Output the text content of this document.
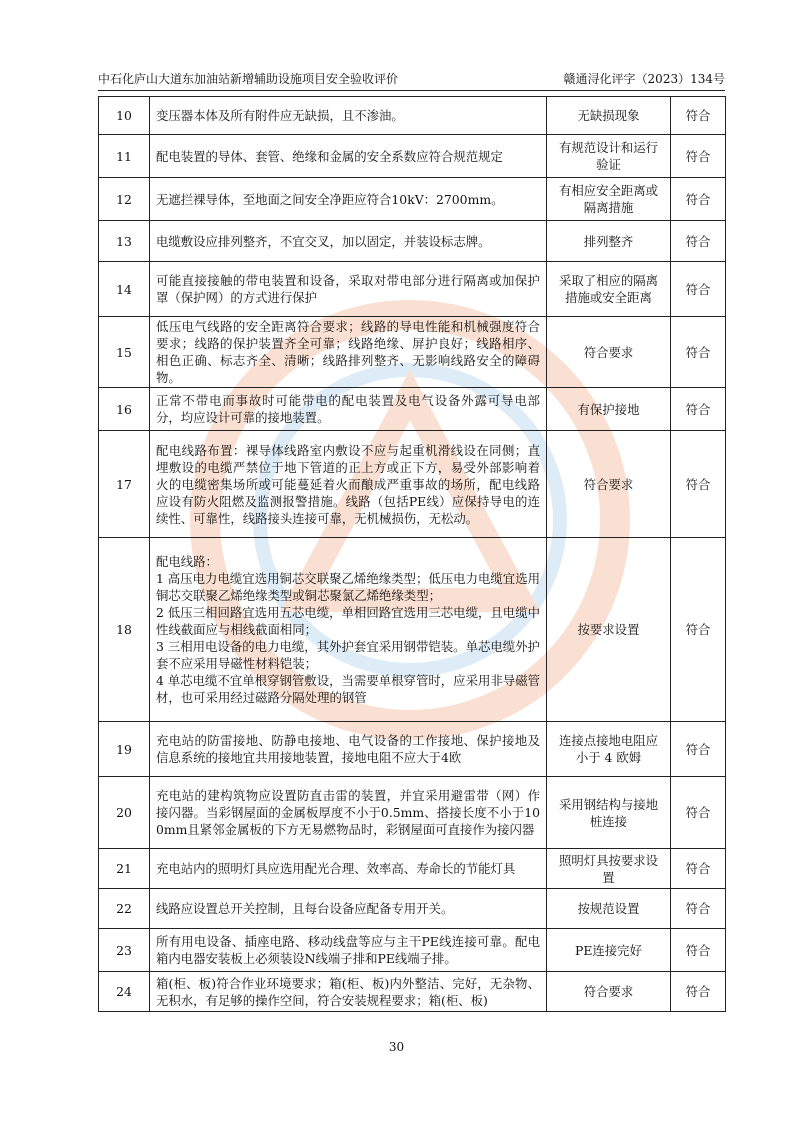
中石化庐山大道东加油站新增辅助设施项目安全验收评价	赣通浔化评字（2023）134号
10	变压器本体及所有附件应无缺损，且不渗油。	无缺损现象	符合
11	配电装置的导体、套管、绝缘和金属的安全系数应符合规范规定	有规范设计和运行验证	符合
12	无遮拦裸导体，至地面之间安全净距应符合10kV：2700mm。	有相应安全距离或隔离措施	符合
13	电缆敷设应排列整齐，不宜交叉，加以固定，并装设标志牌。	排列整齐	符合
14	可能直接接触的带电装置和设备，采取对带电部分进行隔离或加保护罩（保护网）的方式进行保护	采取了相应的隔离措施或安全距离	符合
15	低压电气线路的安全距离符合要求；线路的导电性能和机械强度符合要求；线路的保护装置齐全可靠；线路绝缘、屏护良好；线路相序、相色正确、标志齐全、清晰；线路排列整齐、无影响线路安全的障碍物。	符合要求	符合
16	正常不带电而事故时可能带电的配电装置及电气设备外露可导电部分，均应设计可靠的接地装置。	有保护接地	符合
17	配电线路布置：裸导体线路室内敷设不应与起重机滑线设在同侧；直埋敷设的电缆严禁位于地下管道的正上方或正下方，易受外部影响着火的电缆密集场所或可能蔓延着火而酿成严重事故的场所，配电线路应设有防火阻燃及监测报警措施。线路（包括PE线）应保持导电的连续性、可靠性，线路接头连接可靠，无机械损伤，无松动。	符合要求	符合
18	配电线路：
1 高压电力电缆宜选用铜芯交联聚乙烯绝缘类型；低压电力电缆宜选用铜芯交联聚乙烯绝缘类型或铜芯聚氯乙烯绝缘类型；
2 低压三相回路宜选用五芯电缆，单相回路宜选用三芯电缆，且电缆中性线截面应与相线截面相同；
3 三相用电设备的电力电缆，其外护套宜采用钢带铠装。单芯电缆外护套不应采用导磁性材料铠装；
4 单芯电缆不宜单根穿钢管敷设，当需要单根穿管时，应采用非导磁管材，也可采用经过磁路分隔处理的钢管	按要求设置	符合
19	充电站的防雷接地、防静电接地、电气设备的工作接地、保护接地及信息系统的接地宜共用接地装置，接地电阻不应大于4欧	连接点接地电阻应小于 4 欧姆	符合
20	充电站的建构筑物应设置防直击雷的装置，并宜采用避雷带（网）作接闪器。当彩钢屋面的金属板厚度不小于0.5mm、搭接长度不小于100mm且紧邻金属板的下方无易燃物品时，彩钢屋面可直接作为接闪器	采用钢结构与接地桩连接	符合
21	充电站内的照明灯具应选用配光合理、效率高、寿命长的节能灯具	照明灯具按要求设置	符合
22	线路应设置总开关控制，且每台设备应配备专用开关。	按规范设置	符合
23	所有用电设备、插座电路、移动线盘等应与主干PE线连接可靠。配电箱内电器安装板上必须装设N线端子排和PE线端子排。	PE连接完好	符合
24	箱(柜、板)符合作业环境要求；箱(柜、板)内外整洁、完好，无杂物、无积水，有足够的操作空间，符合安装规程要求；箱(柜、板)	符合要求	符合
30
